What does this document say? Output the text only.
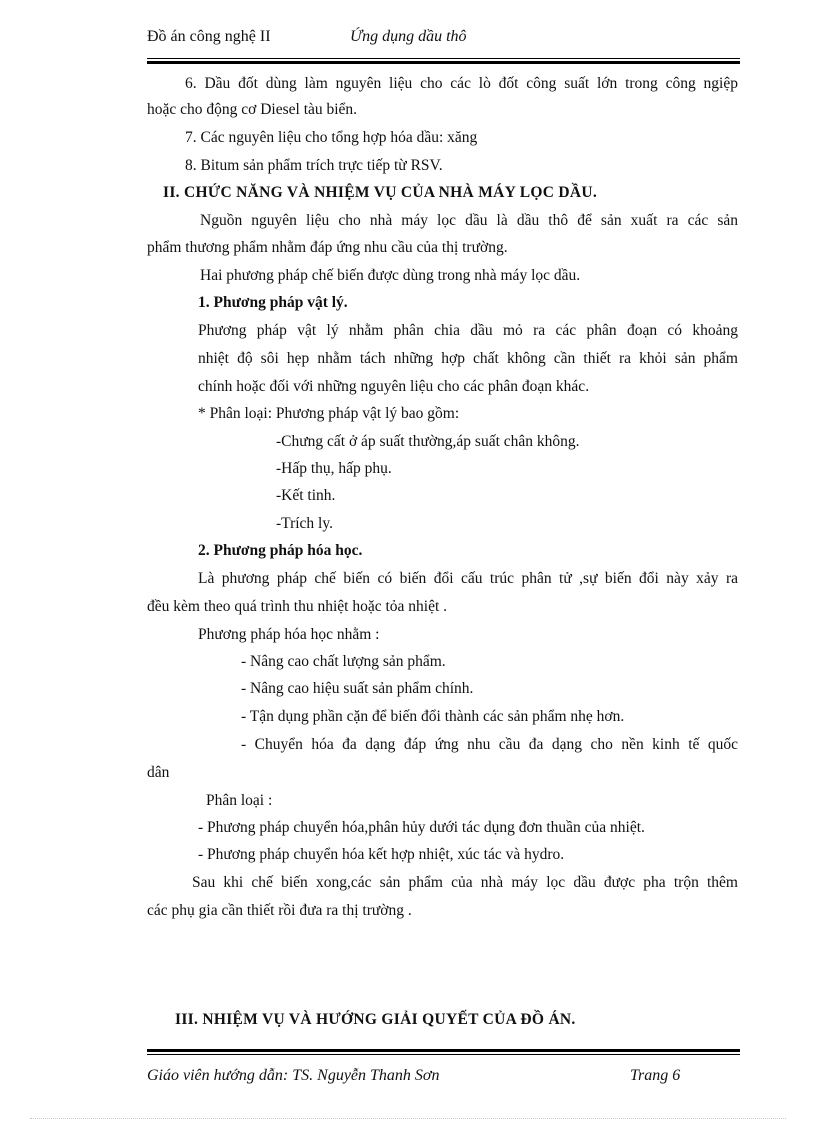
Đồ án công nghệ II	Ứng dụng dầu thô
6. Dầu đốt dùng làm nguyên liệu cho các lò đốt công suất lớn trong công ngiệp
hoặc cho động cơ Diesel tàu biển.
7. Các nguyên liệu cho tổng hợp hóa dầu: xăng
8. Bitum sản phẩm trích trực tiếp từ RSV.
II. CHỨC NĂNG VÀ NHIỆM VỤ CỦA NHÀ MÁY LỌC DẦU.
Nguồn nguyên liệu cho nhà máy lọc dầu là dầu thô để sản xuất ra các sản
phẩm thương phẩm nhằm đáp ứng nhu cầu của thị trường.
Hai phương pháp chế biến được dùng trong nhà máy lọc dầu.
1. Phương pháp vật lý.
Phương pháp vật lý nhằm phân chia dầu mỏ ra các phân đoạn có khoảng
nhiệt độ sôi hẹp nhằm tách những hợp chất không cần thiết ra khỏi sản phẩm
chính hoặc đối với những nguyên liệu cho các phân đoạn khác.
* Phân loại: Phương pháp vật lý bao gồm:
-Chưng cất ở áp suất thường,áp suất chân không.
-Hấp thụ, hấp phụ.
-Kết tinh.
-Trích ly.
2. Phương pháp hóa học.
Là phương pháp chế biến có biến đổi cấu trúc phân tử ,sự biến đổi này xảy ra
đều kèm theo quá trình thu nhiệt hoặc tỏa nhiệt .
Phương pháp hóa học nhằm :
- Nâng cao chất lượng sản phẩm.
- Nâng cao hiệu suất sản phẩm chính.
- Tận dụng phần cặn để biến đổi thành các sản phẩm nhẹ hơn.
- Chuyển hóa đa dạng đáp ứng nhu cầu đa dạng cho nền kinh tế quốc
dân
Phân loại :
- Phương pháp chuyển hóa,phân hủy dưới tác dụng đơn thuần của nhiệt.
- Phương pháp chuyển hóa kết hợp nhiệt, xúc tác và hydro.
Sau khi chế biến xong,các sản phẩm của nhà máy lọc dầu được pha trộn thêm
các phụ gia cần thiết rồi đưa ra thị trường .
III. NHIỆM VỤ VÀ HƯỚNG GIẢI QUYẾT CỦA ĐỒ ÁN.
Giáo viên hướng dẫn: TS. Nguyễn Thanh Sơn	Trang 6
